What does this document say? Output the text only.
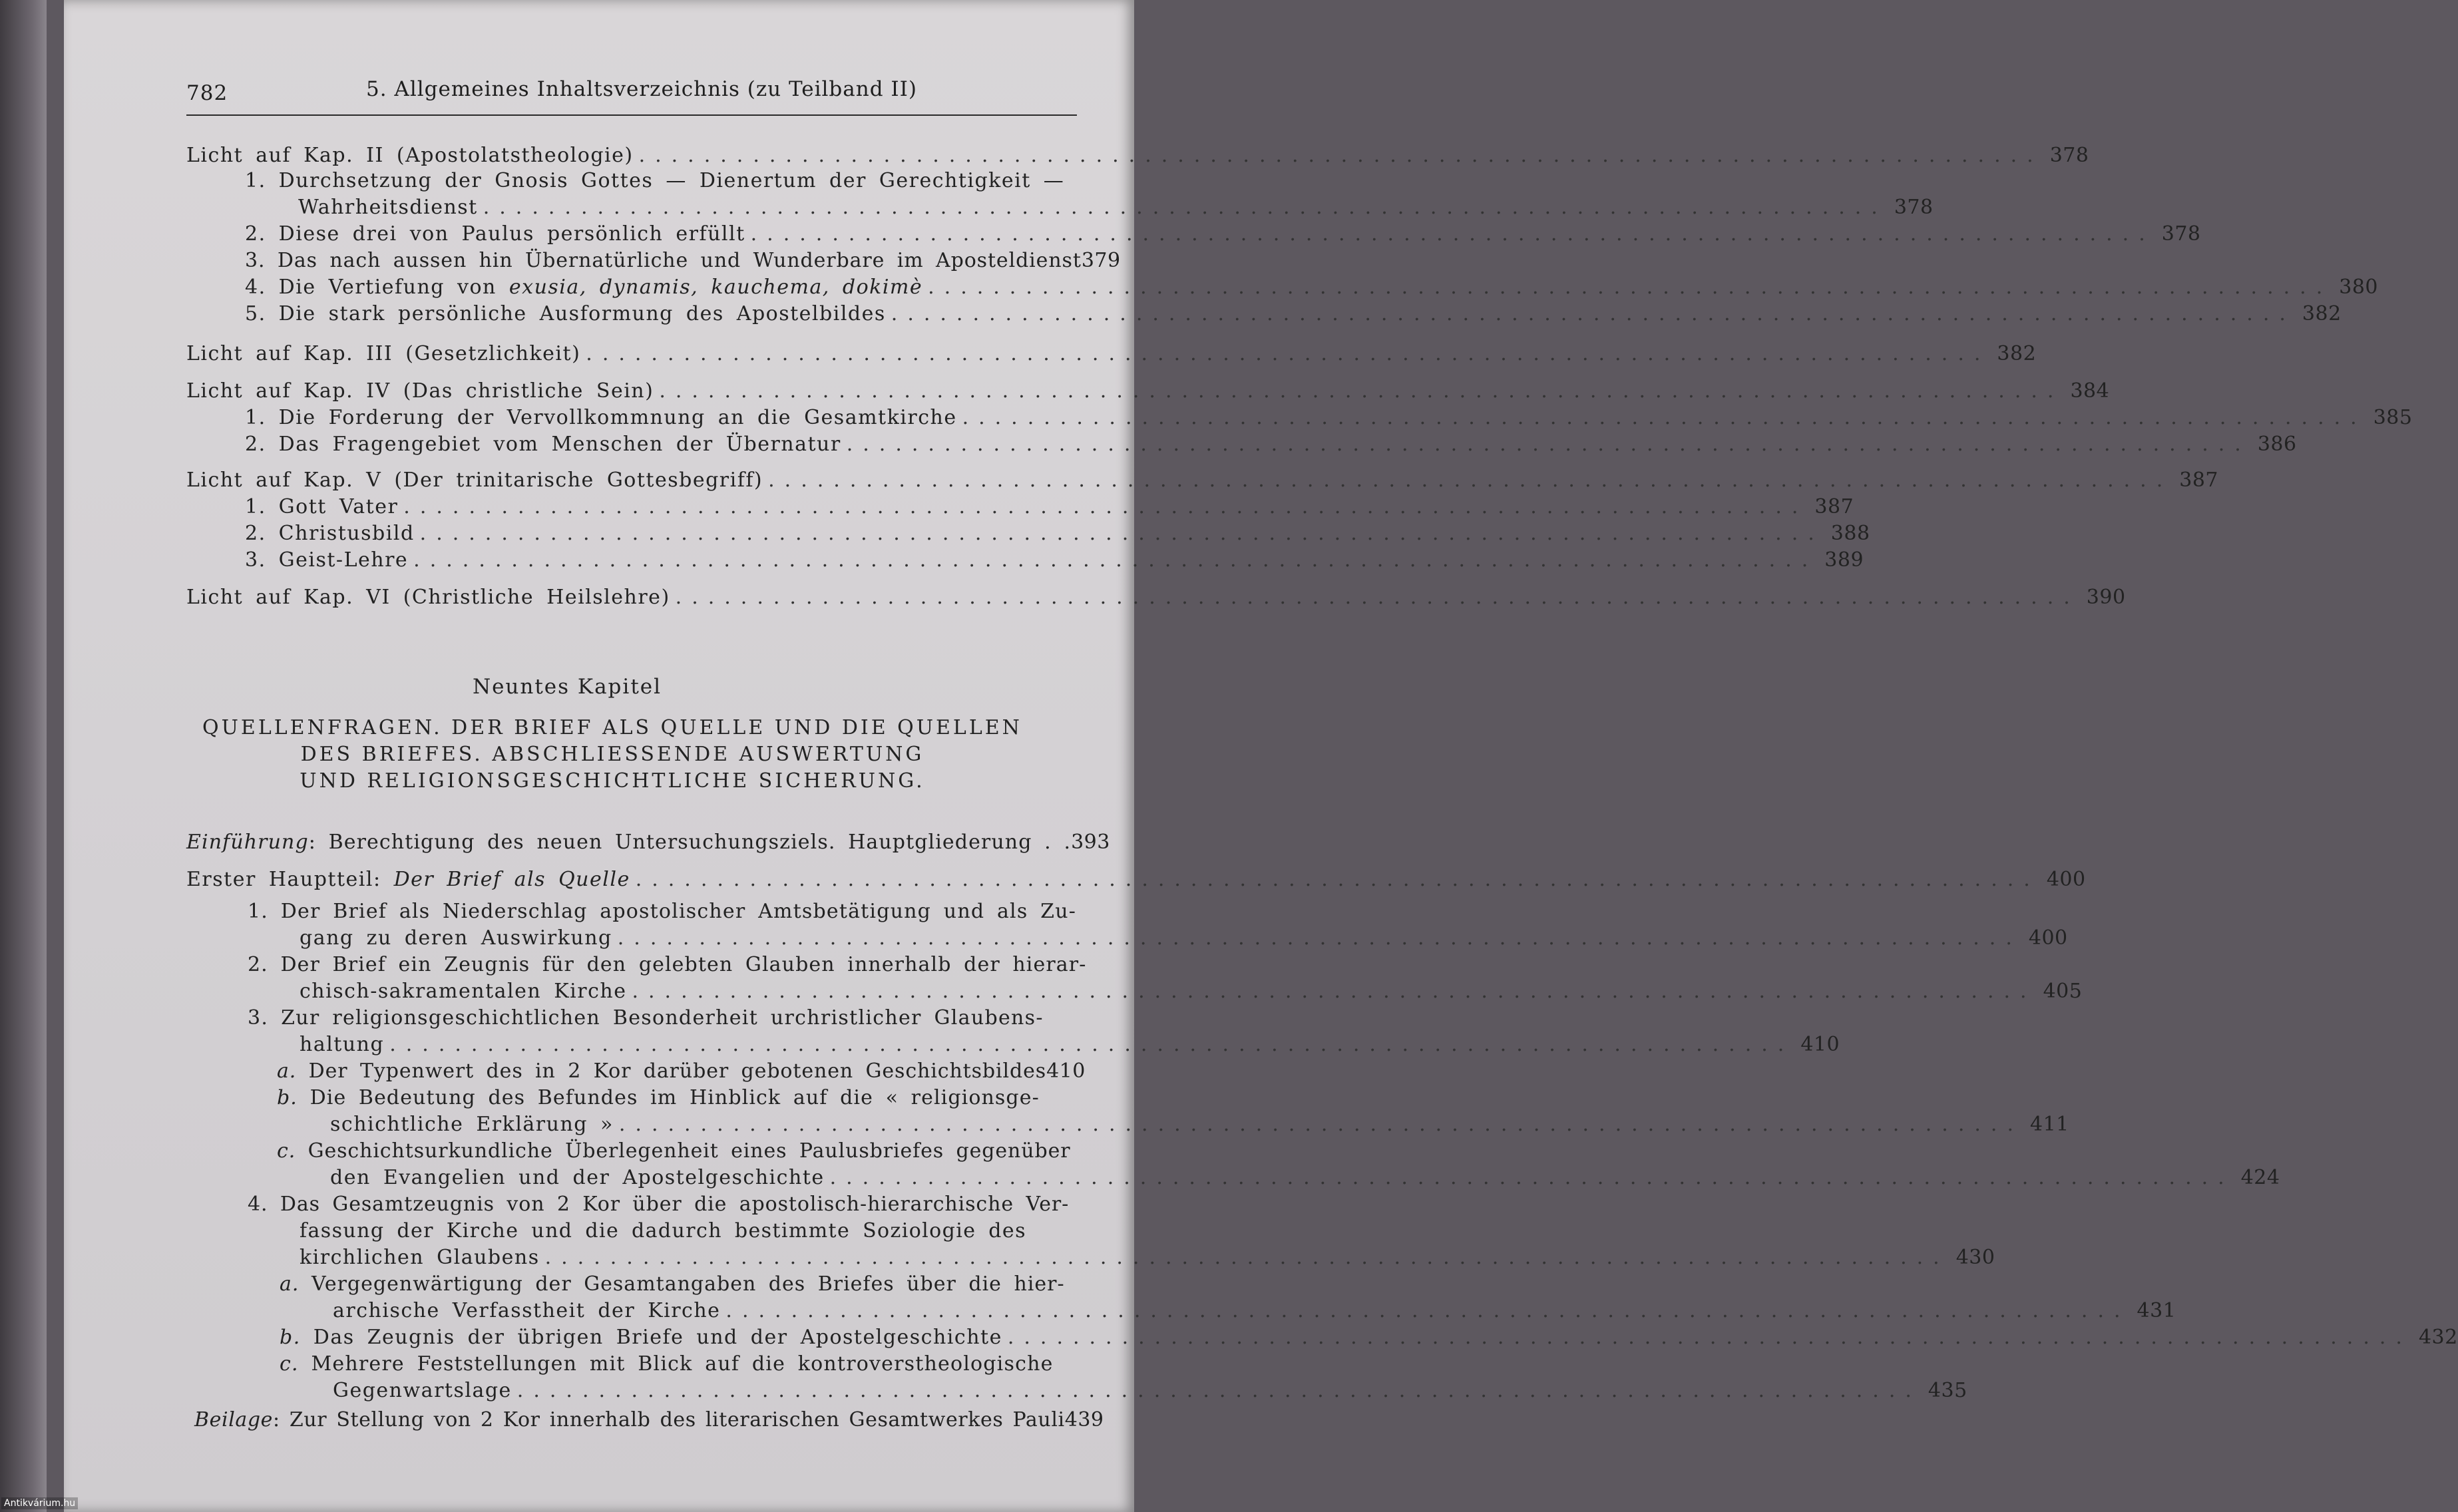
782	5. Allgemeines Inhaltsverzeichnis (zu Teilband II)
Licht auf Kap. II (Apostolatstheologie) ...................................................................................... 378
1. Durchsetzung der Gnosis Gottes — Dienertum der Gerechtigkeit —
Wahrheitsdienst ...................................................................................... 378
2. Diese drei von Paulus persönlich erfüllt ...................................................................................... 378
3. Das nach aussen hin Übernatürliche und Wunderbare im Aposteldienst 379
4. Die Vertiefung von exusia, dynamis, kauchema, dokimè ...................................................................................... 380
5. Die stark persönliche Ausformung des Apostelbildes ...................................................................................... 382
Licht auf Kap. III (Gesetzlichkeit) ...................................................................................... 382
Licht auf Kap. IV (Das christliche Sein) ...................................................................................... 384
1. Die Forderung der Vervollkommnung an die Gesamtkirche ...................................................................................... 385
2. Das Fragengebiet vom Menschen der Übernatur ...................................................................................... 386
Licht auf Kap. V (Der trinitarische Gottesbegriff) ...................................................................................... 387
1. Gott Vater ...................................................................................... 387
2. Christusbild ...................................................................................... 388
3. Geist-Lehre ...................................................................................... 389
Licht auf Kap. VI (Christliche Heilslehre) ...................................................................................... 390
Neuntes Kapitel
QUELLENFRAGEN. DER BRIEF ALS QUELLE UND DIE QUELLEN
DES BRIEFES. ABSCHLIESSENDE AUSWERTUNG
UND RELIGIONSGESCHICHTLICHE SICHERUNG.
Einführung: Berechtigung des neuen Untersuchungsziels. Hauptgliederung . . 393
Erster Hauptteil: Der Brief als Quelle ...................................................................................... 400
1. Der Brief als Niederschlag apostolischer Amtsbetätigung und als Zu-
gang zu deren Auswirkung ...................................................................................... 400
2. Der Brief ein Zeugnis für den gelebten Glauben innerhalb der hierar-
chisch-sakramentalen Kirche ...................................................................................... 405
3. Zur religionsgeschichtlichen Besonderheit urchristlicher Glaubens-
haltung ...................................................................................... 410
a. Der Typenwert des in 2 Kor darüber gebotenen Geschichtsbildes 410
b. Die Bedeutung des Befundes im Hinblick auf die « religionsge-
schichtliche Erklärung » ...................................................................................... 411
c. Geschichtsurkundliche Überlegenheit eines Paulusbriefes gegenüber
den Evangelien und der Apostelgeschichte ...................................................................................... 424
4. Das Gesamtzeugnis von 2 Kor über die apostolisch-hierarchische Ver-
fassung der Kirche und die dadurch bestimmte Soziologie des
kirchlichen Glaubens ...................................................................................... 430
a. Vergegenwärtigung der Gesamtangaben des Briefes über die hier-
archische Verfasstheit der Kirche ...................................................................................... 431
b. Das Zeugnis der übrigen Briefe und der Apostelgeschichte ...................................................................................... 432
c. Mehrere Feststellungen mit Blick auf die kontroverstheologische
Gegenwartslage ...................................................................................... 435
Beilage: Zur Stellung von 2 Kor innerhalb des literarischen Gesamtwerkes Pauli 439
Antikvárium.hu
